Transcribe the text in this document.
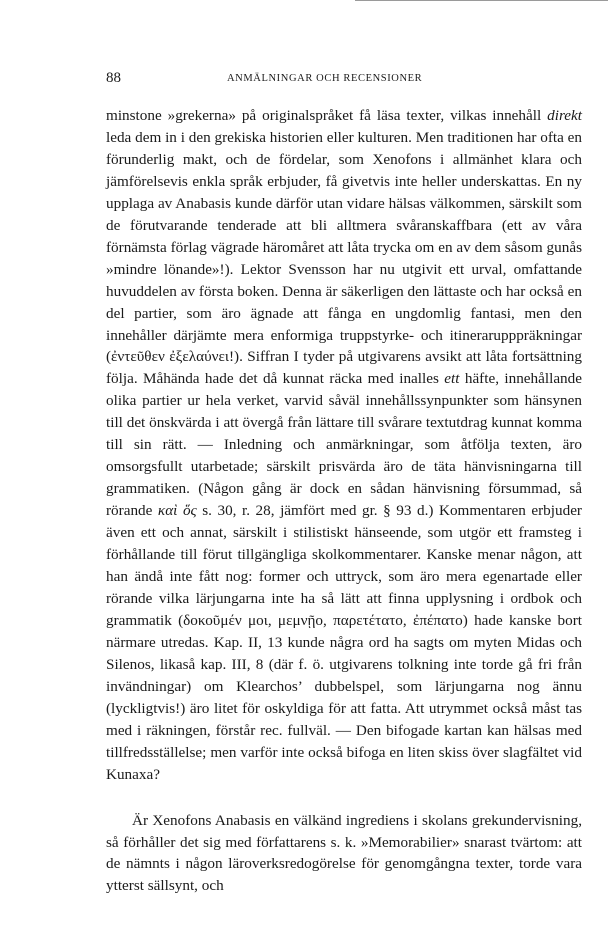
88	ANMÄLNINGAR OCH RECENSIONER

minstone »grekerna» på originalspråket få läsa texter, vilkas innehåll direkt leda dem in i den grekiska historien eller kulturen. Men traditionen har ofta en förunderlig makt, och de fördelar, som Xenofons i allmänhet klara och jämförelsevis enkla språk erbjuder, få givetvis inte heller underskattas. En ny upplaga av Anabasis kunde därför utan vidare hälsas välkommen, särskilt som de förutvarande tenderade att bli alltmera svåranskaffbara (ett av våra förnämsta förlag vägrade häromåret att låta trycka om en av dem såsom gunås »mindre lönande»!). Lektor Svensson har nu utgivit ett urval, omfattande huvuddelen av första boken. Denna är säkerligen den lättaste och har också en del partier, som äro ägnade att fånga en ungdomlig fantasi, men den innehåller därjämte mera enformiga truppstyrke- och itinerarupppräkningar (ἐντεῦθεν ἐξελαύνει!). Siffran I tyder på utgivarens avsikt att låta fortsättning följa. Måhända hade det då kunnat räcka med inalles ett häfte, innehållande olika partier ur hela verket, varvid såväl innehållssynpunkter som hänsynen till det önskvärda i att övergå från lättare till svårare textutdrag kunnat komma till sin rätt. — Inledning och anmärkningar, som åtfölja texten, äro omsorgsfullt utarbetade; särskilt prisvärda äro de täta hänvisningarna till grammatiken. (Någon gång är dock en sådan hänvisning försummad, så rörande καὶ ὅς s. 30, r. 28, jämfört med gr. § 93 d.) Kommentaren erbjuder även ett och annat, särskilt i stilistiskt hänseende, som utgör ett framsteg i förhållande till förut tillgängliga skolkommentarer. Kanske menar någon, att han ändå inte fått nog: former och uttryck, som äro mera egenartade eller rörande vilka lärjungarna inte ha så lätt att finna upplysning i ordbok och grammatik (δοκοῦμέν μοι, μεμνῇο, παρετέτατο, ἐπέπατο) hade kanske bort närmare utredas. Kap. II, 13 kunde några ord ha sagts om myten Midas och Silenos, likaså kap. III, 8 (där f. ö. utgivarens tolkning inte torde gå fri från invändningar) om Klearchos’ dubbelspel, som lärjungarna nog ännu (lyckligtvis!) äro litet för oskyldiga för att fatta. Att utrymmet också måst tas med i räkningen, förstår rec. fullväl. — Den bifogade kartan kan hälsas med tillfredsställelse; men varför inte också bifoga en liten skiss över slagfältet vid Kunaxa?

Är Xenofons Anabasis en välkänd ingrediens i skolans grekundervisning, så förhåller det sig med författarens s. k. »Memorabilier» snarast tvärtom: att de nämnts i någon läroverksredogörelse för genomgångna texter, torde vara ytterst sällsynt, och
